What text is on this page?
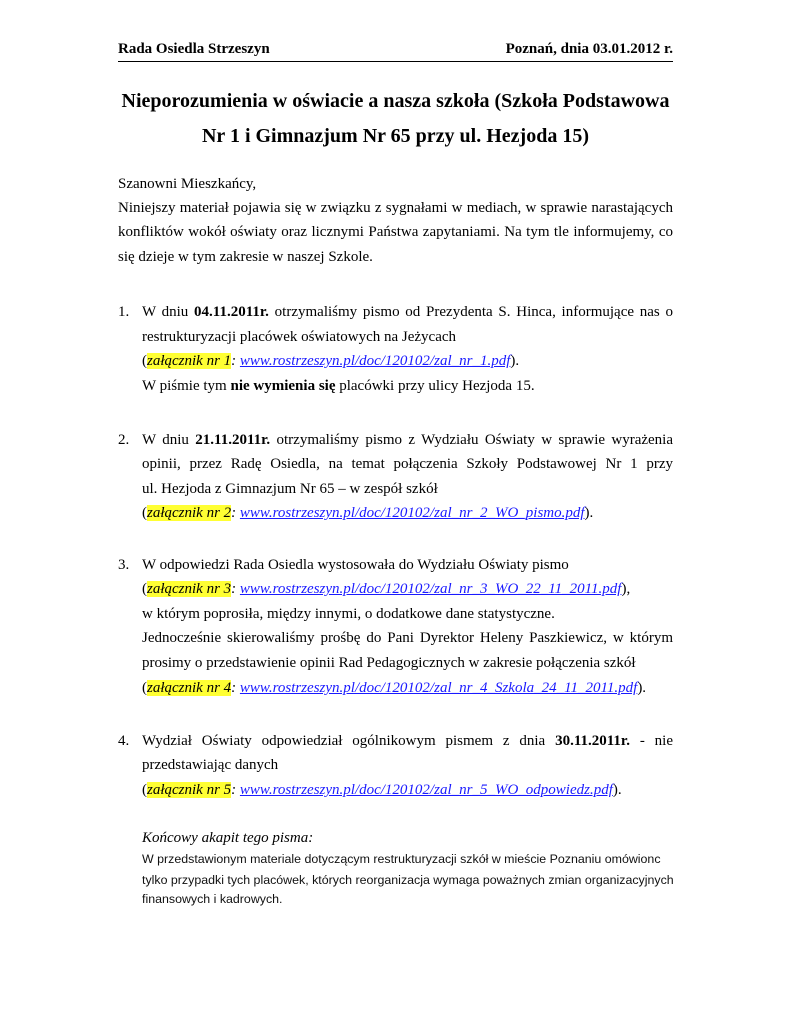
Rada Osiedla Strzeszyn	Poznań, dnia 03.01.2012 r.
Nieporozumienia w oświacie a nasza szkoła (Szkoła Podstawowa
Nr 1 i Gimnazjum Nr 65 przy ul. Hezjoda 15)
Szanowni Mieszkańcy,
Niniejszy materiał pojawia się w związku z sygnałami w mediach, w sprawie narastających
konfliktów wokół oświaty oraz licznymi Państwa zapytaniami. Na tym tle informujemy, co
się dzieje w tym zakresie w naszej Szkole.
1. W dniu 04.11.2011r. otrzymaliśmy pismo od Prezydenta S. Hinca, informujące nas o
restrukturyzacji placówek oświatowych na Jeżycach
(załącznik nr 1: www.rostrzeszyn.pl/doc/120102/zal_nr_1.pdf).
W piśmie tym nie wymienia się placówki przy ulicy Hezjoda 15.
2. W dniu 21.11.2011r. otrzymaliśmy pismo z Wydziału Oświaty w sprawie wyrażenia
opinii, przez Radę Osiedla, na temat połączenia Szkoły Podstawowej Nr 1 przy
ul. Hezjoda z Gimnazjum Nr 65 – w zespół szkół
(załącznik nr 2: www.rostrzeszyn.pl/doc/120102/zal_nr_2_WO_pismo.pdf).
3. W odpowiedzi Rada Osiedla wystosowała do Wydziału Oświaty pismo
(załącznik nr 3: www.rostrzeszyn.pl/doc/120102/zal_nr_3_WO_22_11_2011.pdf),
w którym poprosiła, między innymi, o dodatkowe dane statystyczne.
Jednocześnie skierowaliśmy prośbę do Pani Dyrektor Heleny Paszkiewicz, w którym
prosimy o przedstawienie opinii Rad Pedagogicznych w zakresie połączenia szkół
(załącznik nr 4: www.rostrzeszyn.pl/doc/120102/zal_nr_4_Szkola_24_11_2011.pdf).
4. Wydział Oświaty odpowiedział ogólnikowym pismem z dnia 30.11.2011r. - nie
przedstawiając danych
(załącznik nr 5: www.rostrzeszyn.pl/doc/120102/zal_nr_5_WO_odpowiedz.pdf).
Końcowy akapit tego pisma:
W przedstawionym materiale dotyczącym restrukturyzacji szkół w mieście Poznaniu omówionc
tylko przypadki tych placówek, których reorganizacja wymaga poważnych zmian organizacyjnych
finansowych i kadrowych.
